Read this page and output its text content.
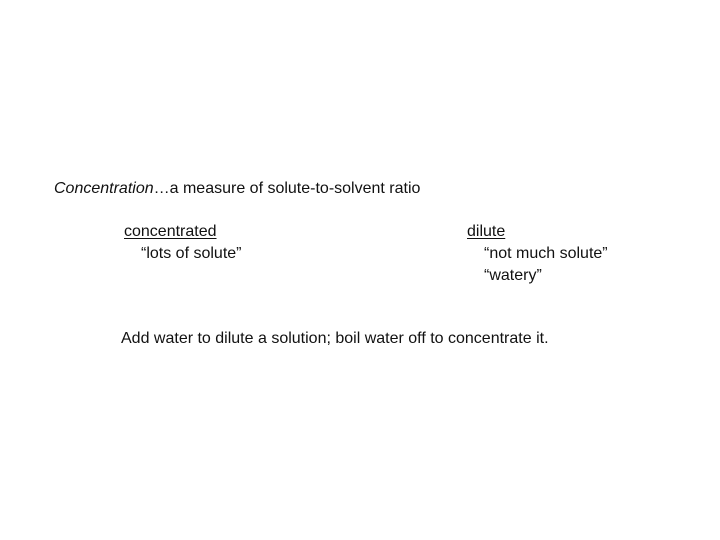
Concentration…a measure of solute-to-solvent ratio
concentrated
“lots of solute”
dilute
“not much solute”
“watery”
Add water to dilute a solution; boil water off to concentrate it.
